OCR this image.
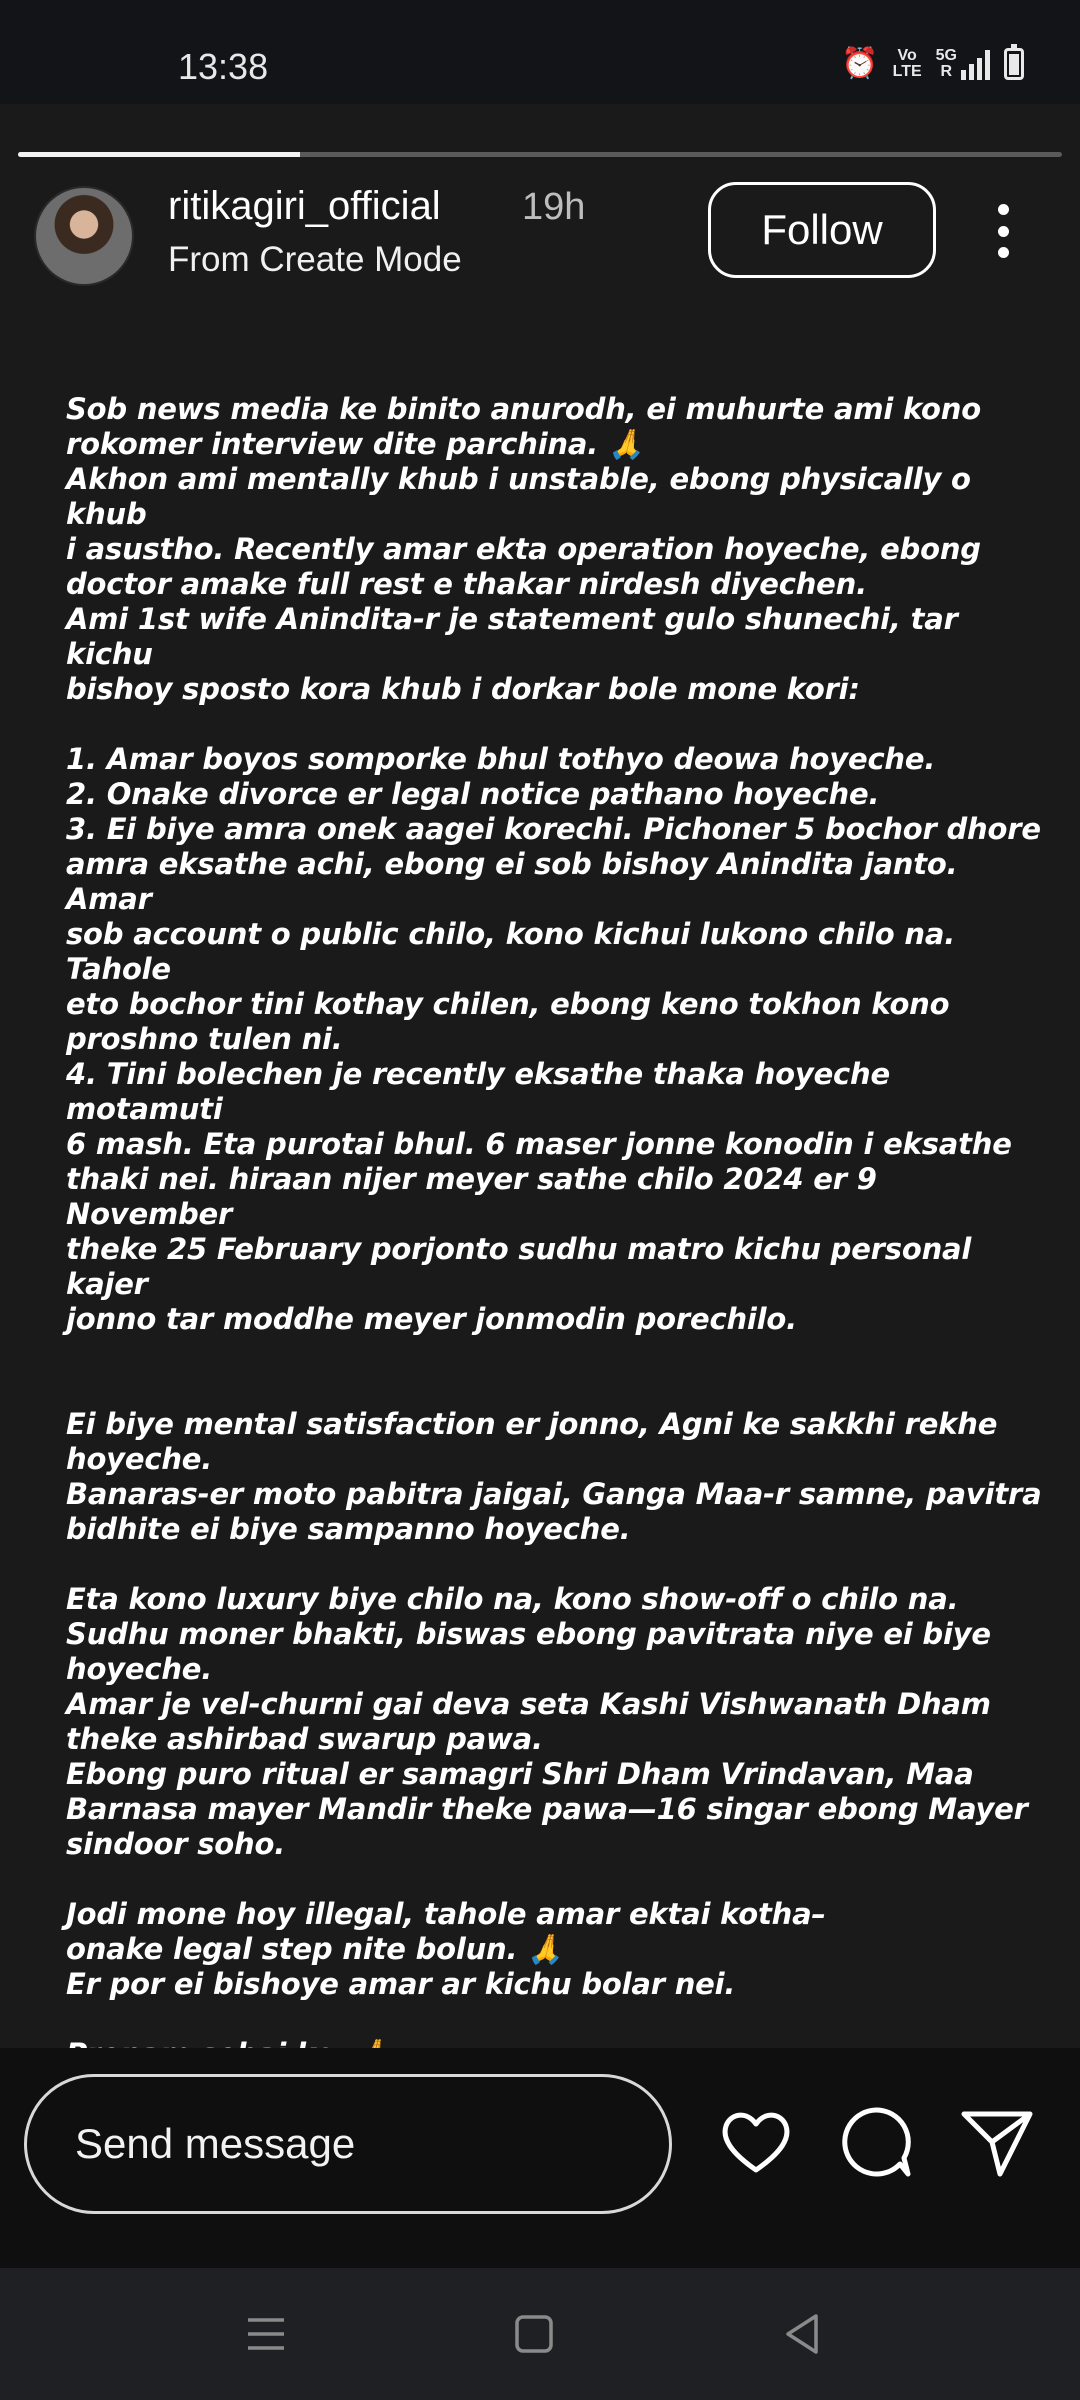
13:38	⏰	Vo
LTE
5G
R
ritikagiri_official 19h
From Create Mode
Follow

Sob news media ke binito anurodh, ei muhurte ami kono

rokomer interview dite parchina. 🙏

Akhon ami mentally khub i unstable, ebong physically o khub

i asustho. Recently amar ekta operation hoyeche, ebong

doctor amake full rest e thakar nirdesh diyechen.

Ami 1st wife Anindita-r je statement gulo shunechi, tar kichu

bishoy sposto kora khub i dorkar bole mone kori:

1. Amar boyos somporke bhul tothyo deowa hoyeche.

2. Onake divorce er legal notice pathano hoyeche.

3. Ei biye amra onek aagei korechi. Pichoner 5 bochor dhore

amra eksathe achi, ebong ei sob bishoy Anindita janto. Amar

sob account o public chilo, kono kichui lukono chilo na. Tahole

eto bochor tini kothay chilen, ebong keno tokhon kono

proshno tulen ni.

4. Tini bolechen je recently eksathe thaka hoyeche motamuti

6 mash. Eta purotai bhul. 6 maser jonne konodin i eksathe

thaki nei. hiraan nijer meyer sathe chilo 2024 er 9 November

theke 25 February porjonto sudhu matro kichu personal kajer

jonno tar moddhe meyer jonmodin porechilo.

Ei biye mental satisfaction er jonno, Agni ke sakkhi rekhe

hoyeche.

Banaras-er moto pabitra jaigai, Ganga Maa-r samne, pavitra

bidhite ei biye sampanno hoyeche.

Eta kono luxury biye chilo na, kono show-off o chilo na.

Sudhu moner bhakti, biswas ebong pavitrata niye ei biye

hoyeche.

Amar je vel-churni gai deva seta Kashi Vishwanath Dham

theke ashirbad swarup pawa.

Ebong puro ritual er samagri Shri Dham Vrindavan, Maa

Barnasa mayer Mandir theke pawa—16 singar ebong Mayer

sindoor soho.

Jodi mone hoy illegal, tahole amar ektai kotha–

onake legal step nite bolun. 🙏

Er por ei bishoye amar ar kichu bolar nei.

Send message
